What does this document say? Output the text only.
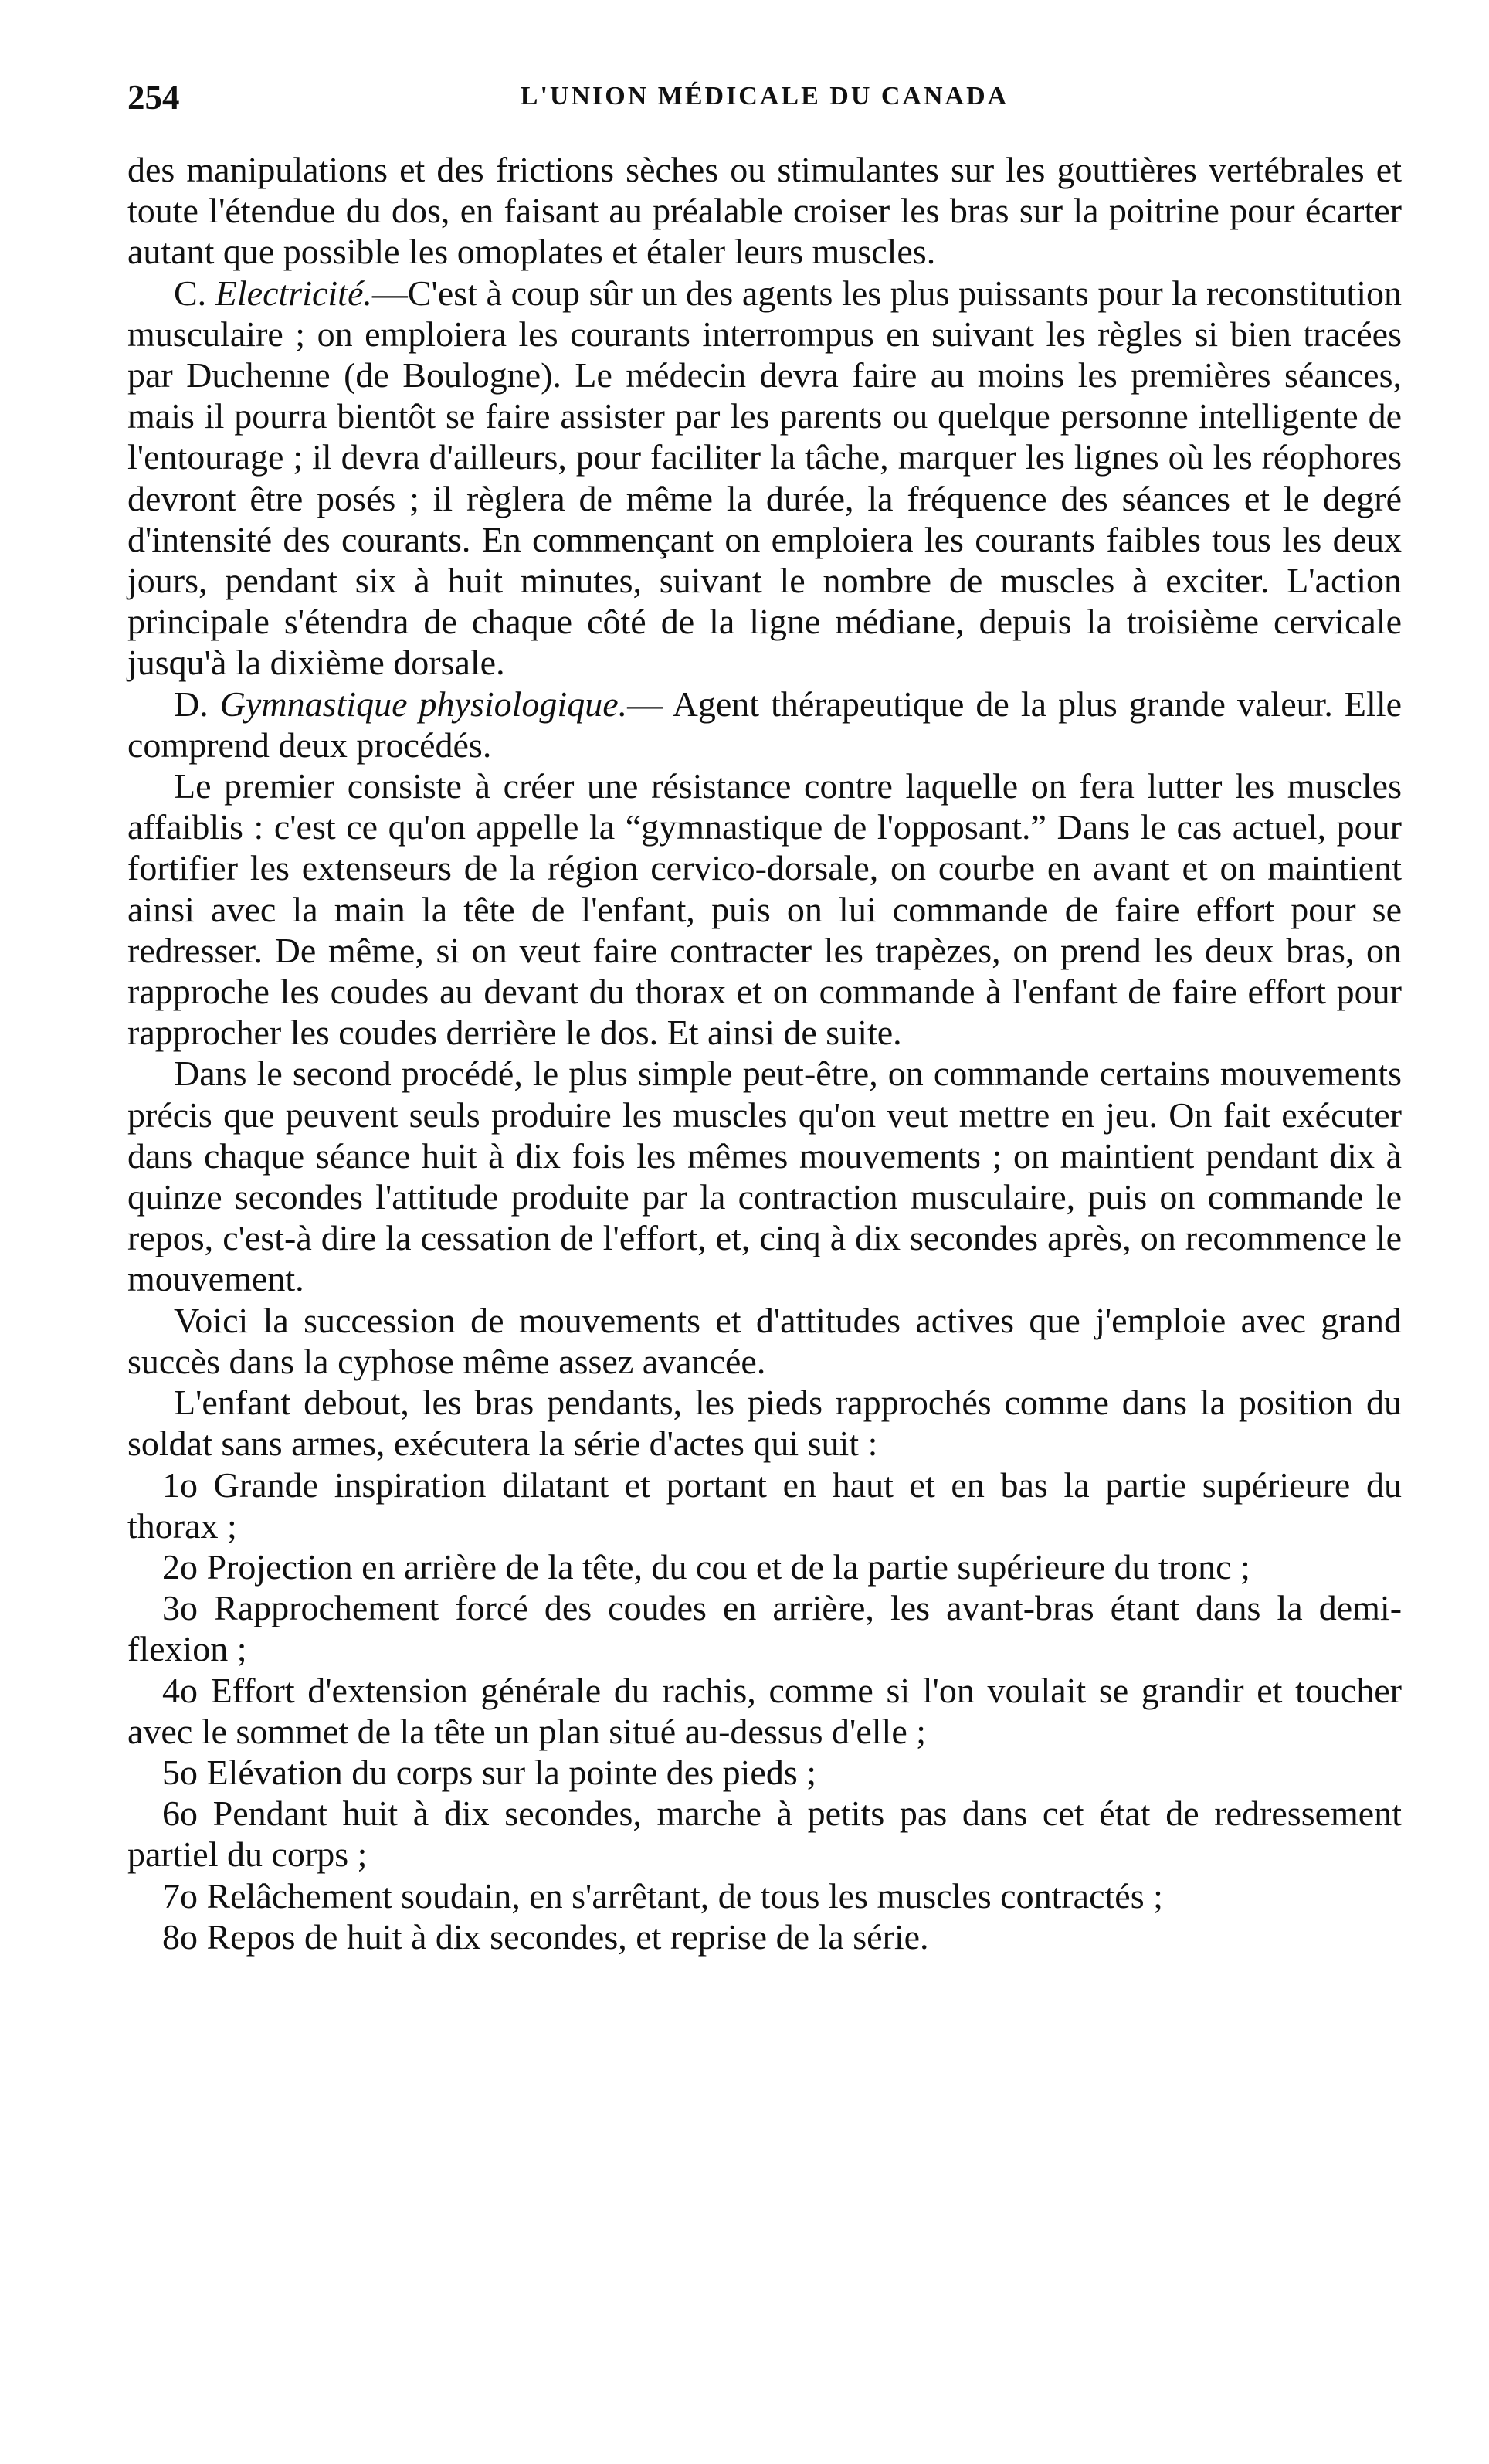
254	L'UNION MÉDICALE DU CANADA

des manipulations et des frictions sèches ou stimulantes sur les gouttières vertébrales et toute l'étendue du dos, en faisant au préalable croiser les bras sur la poitrine pour écarter autant que possible les omoplates et étaler leurs muscles.

C. Electricité.—C'est à coup sûr un des agents les plus puissants pour la reconstitution musculaire ; on emploiera les courants interrompus en suivant les règles si bien tracées par Duchenne (de Boulogne). Le médecin devra faire au moins les premières séances, mais il pourra bientôt se faire assister par les parents ou quelque personne intelligente de l'entourage ; il devra d'ailleurs, pour faciliter la tâche, marquer les lignes où les réophores devront être posés ; il règlera de même la durée, la fréquence des séances et le degré d'intensité des courants. En commençant on emploiera les courants faibles tous les deux jours, pendant six à huit minutes, suivant le nombre de muscles à exciter. L'action principale s'étendra de chaque côté de la ligne médiane, depuis la troisième cervicale jusqu'à la dixième dorsale.

D. Gymnastique physiologique.— Agent thérapeutique de la plus grande valeur. Elle comprend deux procédés.

Le premier consiste à créer une résistance contre laquelle on fera lutter les muscles affaiblis : c'est ce qu'on appelle la “gymnastique de l'opposant.” Dans le cas actuel, pour fortifier les extenseurs de la région cervico-dorsale, on courbe en avant et on maintient ainsi avec la main la tête de l'enfant, puis on lui commande de faire effort pour se redresser. De même, si on veut faire contracter les trapèzes, on prend les deux bras, on rapproche les coudes au devant du thorax et on commande à l'enfant de faire effort pour rapprocher les coudes derrière le dos. Et ainsi de suite.

Dans le second procédé, le plus simple peut-être, on commande certains mouvements précis que peuvent seuls produire les muscles qu'on veut mettre en jeu. On fait exécuter dans chaque séance huit à dix fois les mêmes mouvements ; on maintient pendant dix à quinze secondes l'attitude produite par la contraction musculaire, puis on commande le repos, c'est-à dire la cessation de l'effort, et, cinq à dix secondes après, on recommence le mouvement.

Voici la succession de mouvements et d'attitudes actives que j'emploie avec grand succès dans la cyphose même assez avancée.

L'enfant debout, les bras pendants, les pieds rapprochés comme dans la position du soldat sans armes, exécutera la série d'actes qui suit :

1o Grande inspiration dilatant et portant en haut et en bas la partie supérieure du thorax ;

2o Projection en arrière de la tête, du cou et de la partie supérieure du tronc ;

3o Rapprochement forcé des coudes en arrière, les avant-bras étant dans la demi-flexion ;

4o Effort d'extension générale du rachis, comme si l'on voulait se grandir et toucher avec le sommet de la tête un plan situé au-dessus d'elle ;

5o Elévation du corps sur la pointe des pieds ;

6o Pendant huit à dix secondes, marche à petits pas dans cet état de redressement partiel du corps ;

7o Relâchement soudain, en s'arrêtant, de tous les muscles contractés ;

8o Repos de huit à dix secondes, et reprise de la série.
